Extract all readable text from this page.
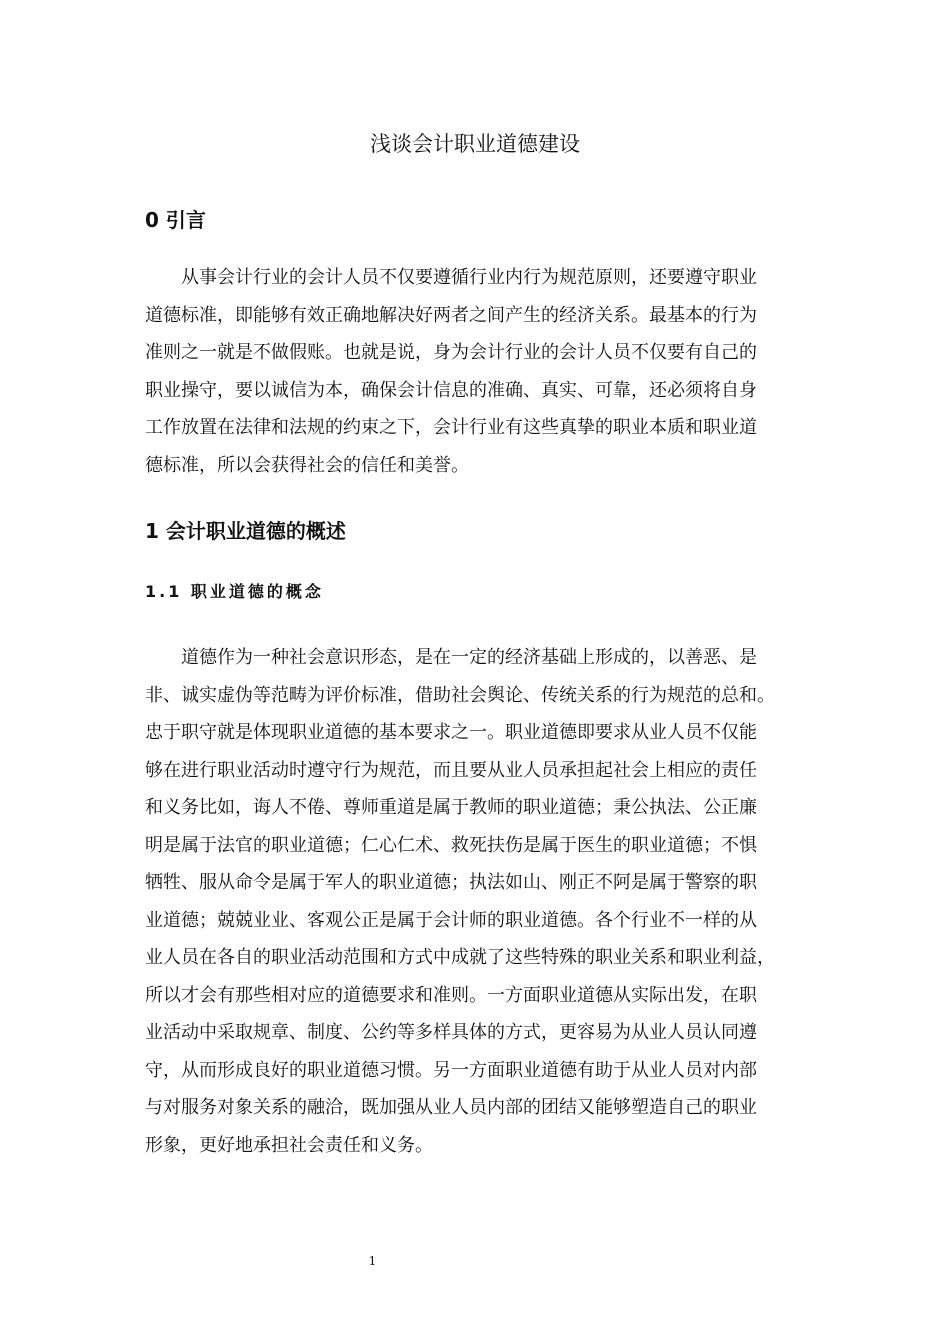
浅谈会计职业道德建设
0 引言
从事会计行业的会计人员不仅要遵循行业内行为规范原则，还要遵守职业
道德标准，即能够有效正确地解决好两者之间产生的经济关系。最基本的行为
准则之一就是不做假账。也就是说，身为会计行业的会计人员不仅要有自己的
职业操守，要以诚信为本，确保会计信息的准确、真实、可靠，还必须将自身
工作放置在法律和法规的约束之下，会计行业有这些真挚的职业本质和职业道
德标准，所以会获得社会的信任和美誉。
1 会计职业道德的概述
1.1 职业道德的概念
道德作为一种社会意识形态，是在一定的经济基础上形成的，以善恶、是
非、诚实虚伪等范畴为评价标准，借助社会舆论、传统关系的行为规范的总和。
忠于职守就是体现职业道德的基本要求之一。职业道德即要求从业人员不仅能
够在进行职业活动时遵守行为规范，而且要从业人员承担起社会上相应的责任
和义务比如，诲人不倦、尊师重道是属于教师的职业道德；秉公执法、公正廉
明是属于法官的职业道德；仁心仁术、救死扶伤是属于医生的职业道德；不惧
牺牲、服从命令是属于军人的职业道德；执法如山、刚正不阿是属于警察的职
业道德；兢兢业业、客观公正是属于会计师的职业道德。各个行业不一样的从
业人员在各自的职业活动范围和方式中成就了这些特殊的职业关系和职业利益，
所以才会有那些相对应的道德要求和准则。一方面职业道德从实际出发，在职
业活动中采取规章、制度、公约等多样具体的方式，更容易为从业人员认同遵
守，从而形成良好的职业道德习惯。另一方面职业道德有助于从业人员对内部
与对服务对象关系的融洽，既加强从业人员内部的团结又能够塑造自己的职业
形象，更好地承担社会责任和义务。
1
